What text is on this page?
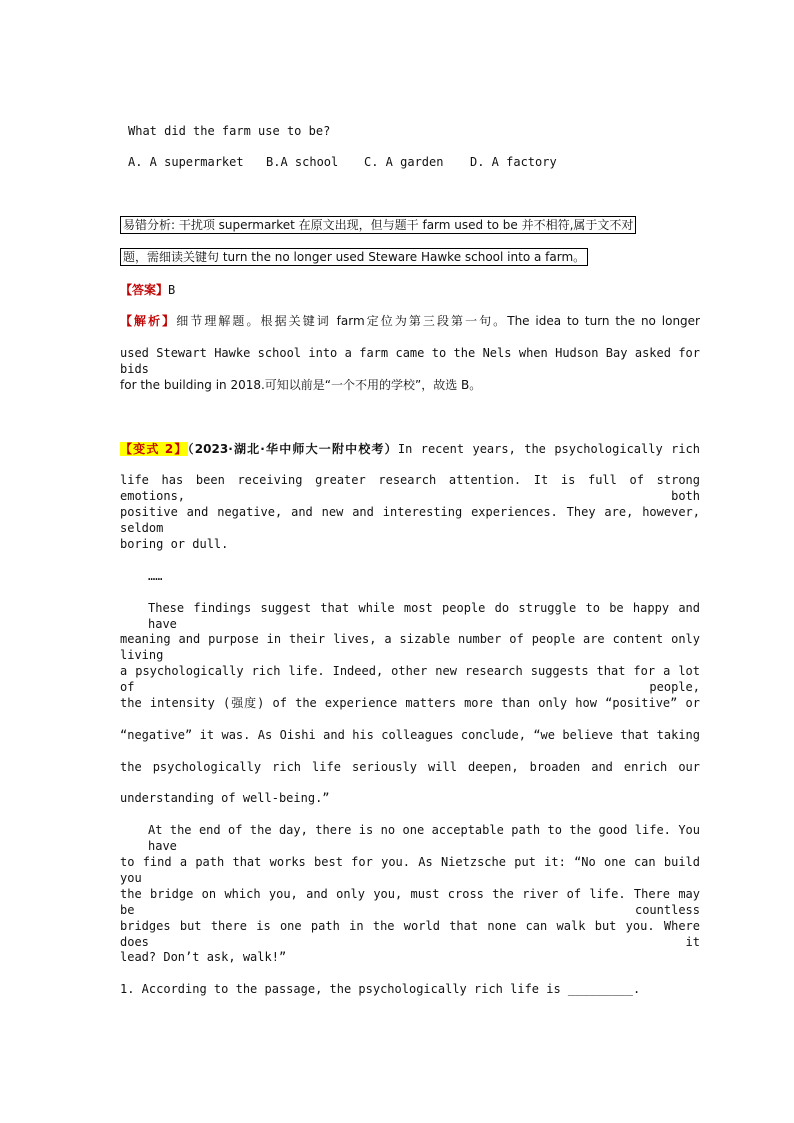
What did the farm use to be?
A. A supermarket B.A school C. A garden D. A factory
易错分析: 干扰项 supermarket 在原文出现，但与题干 farm used to be 并不相符,属于文不对
题，需细读关键句 turn the no longer used Steware Hawke school into a farm。
【答案】B
【解析】细节理解题。根据关键词 farm定位为第三段第一句。The idea to turn the no longer
used Stewart Hawke school into a farm came to the Nels when Hudson Bay asked for bids
for the building in 2018.可知以前是“一个不用的学校”，故选 B。
【变式 2】（2023·湖北·华中师大一附中校考）In recent years, the psychologically rich
life has been receiving greater research attention. It is full of strong emotions, both
positive and negative, and new and interesting experiences. They are, however, seldom
boring or dull.
……
These findings suggest that while most people do struggle to be happy and have
meaning and purpose in their lives, a sizable number of people are content only living
a psychologically rich life. Indeed, other new research suggests that for a lot of people,
the intensity (强度) of the experience matters more than only how “positive” or
“negative” it was. As Oishi and his colleagues conclude, “we believe that taking
the psychologically rich life seriously will deepen, broaden and enrich our
understanding of well-being.”
At the end of the day, there is no one acceptable path to the good life. You have
to find a path that works best for you. As Nietzsche put it: “No one can build you
the bridge on which you, and only you, must cross the river of life. There may be countless
bridges but there is one path in the world that none can walk but you. Where does it
lead? Don’t ask, walk!”
1. According to the passage, the psychologically rich life is _________.
